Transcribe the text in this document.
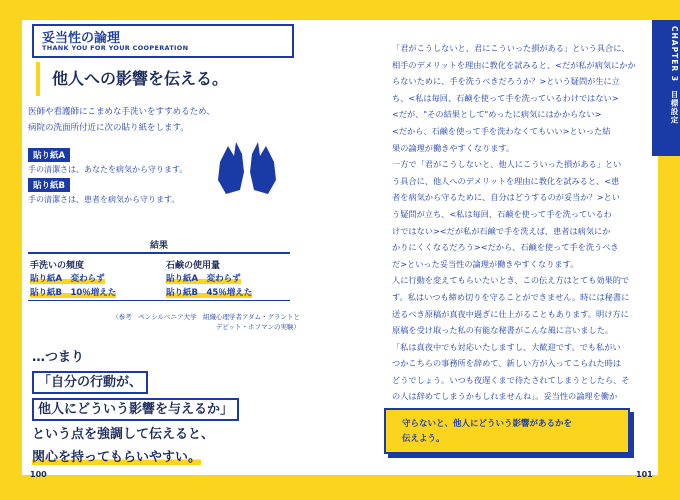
妥当性の論理
THANK YOU FOR YOUR COOPERATION
他人への影響を伝える。
医師や看護師にこまめな手洗いをすすめるため、
病院の洗面所付近に次の貼り紙をします。
貼り紙A
手の清潔さは、あなたを病気から守ります。
貼り紙B
手の清潔さは、患者を病気から守ります。
結果
手洗いの頻度
貼り紙A　変わらず
貼り紙B　10％増えた
石鹸の使用量
貼り紙A　変わらず
貼り紙B　45％増えた
（参考　ペンシルベニア大学　組織心理学者アダム・グラントと
デビット・ホフマンの実験）
…つまり
「自分の行動が、
他人にどういう影響を与えるか」
という点を強調して伝えると、
関心を持ってもらいやすい。
100
「君がこうしないと、君にこういった損がある」という具合に、
相手のデメリットを理由に教化を試みると、<だが私が病気にかか
らないために、手を洗うべきだろうか？>という疑問が生に立
ち、<私は毎回、石鹸を使って手を洗っているわけではない>
<だが、"その結果として"めったに病気にはかからない>
<だから、石鹸を使って手を洗わなくてもいい>といった結
果の論理が働きやすくなります。
一方で「君がこうしないと、他人にこういった損がある」とい
う具合に、他人へのデメリットを理由に教化を試みると、<患
者を病気から守るために、自分はどうするのが妥当か？>とい
う疑問が立ち、<私は毎回、石鹸を使って手を洗っているわ
けではない><だが私が石鹸で手を洗えば、患者は病気にか
かりにくくなるだろう><だから、石鹸を使って手を洗うべき
だ>といった妥当性の論理が働きやすくなります。
人に行動を変えてもらいたいとき、この伝え方はとても効果的で
す。私はいつも締め切りを守ることができません。時には秘書に
送るべき原稿が真夜中過ぎに仕上がることもあります。明け方に
原稿を受け取った私の有能な秘書がこんな風に言いました。
「私は真夜中でも対応いたしますし、大歓迎です。でも私がい
つかこちらの事務所を辞めて、新しい方が入ってこられた時は
どうでしょう。いつも夜遅くまで待たされてしまうとしたら、そ
の人は辞めてしまうかもしれませんね」。妥当性の論理を働か
守らないと、他人にどういう影響があるかを
伝えよう。
CHAPTER 3　目標設定
101
